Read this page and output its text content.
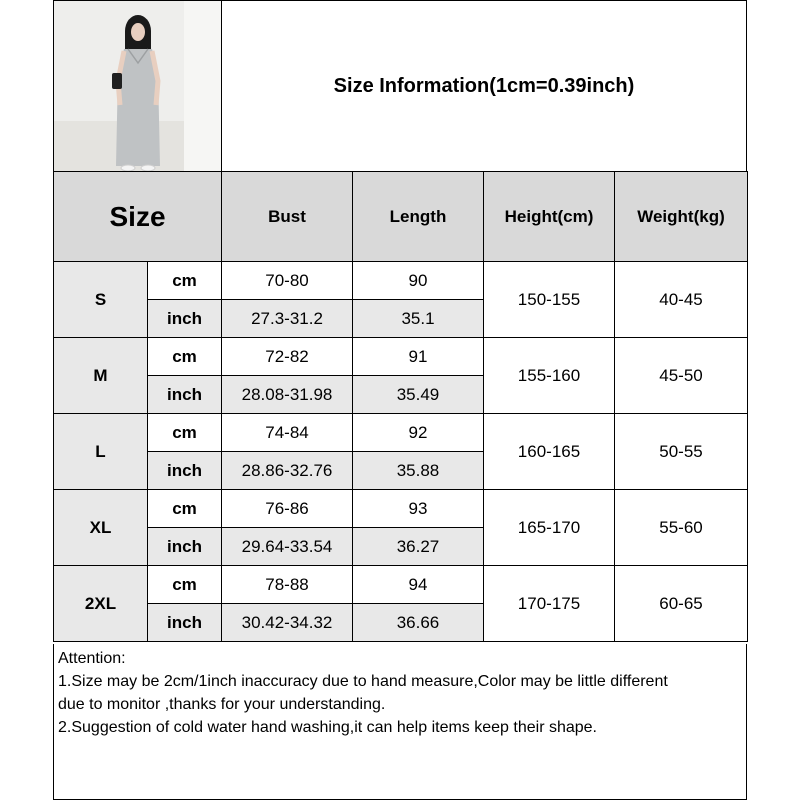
Size Information(1cm=0.39inch)
Size		Bust	Length	Height(cm)	Weight(kg)
S	cm	70-80	90	150-155	40-45
	inch	27.3-31.2	35.1		
M	cm	72-82	91	155-160	45-50
	inch	28.08-31.98	35.49		
L	cm	74-84	92	160-165	50-55
	inch	28.86-32.76	35.88		
XL	cm	76-86	93	165-170	55-60
	inch	29.64-33.54	36.27		
2XL	cm	78-88	94	170-175	60-65
	inch	30.42-34.32	36.66		
Attention:
1.Size may be 2cm/1inch inaccuracy due to hand measure,Color may be little different
due to monitor ,thanks for your understanding.
2.Suggestion of cold water hand washing,it can help items keep their shape.
